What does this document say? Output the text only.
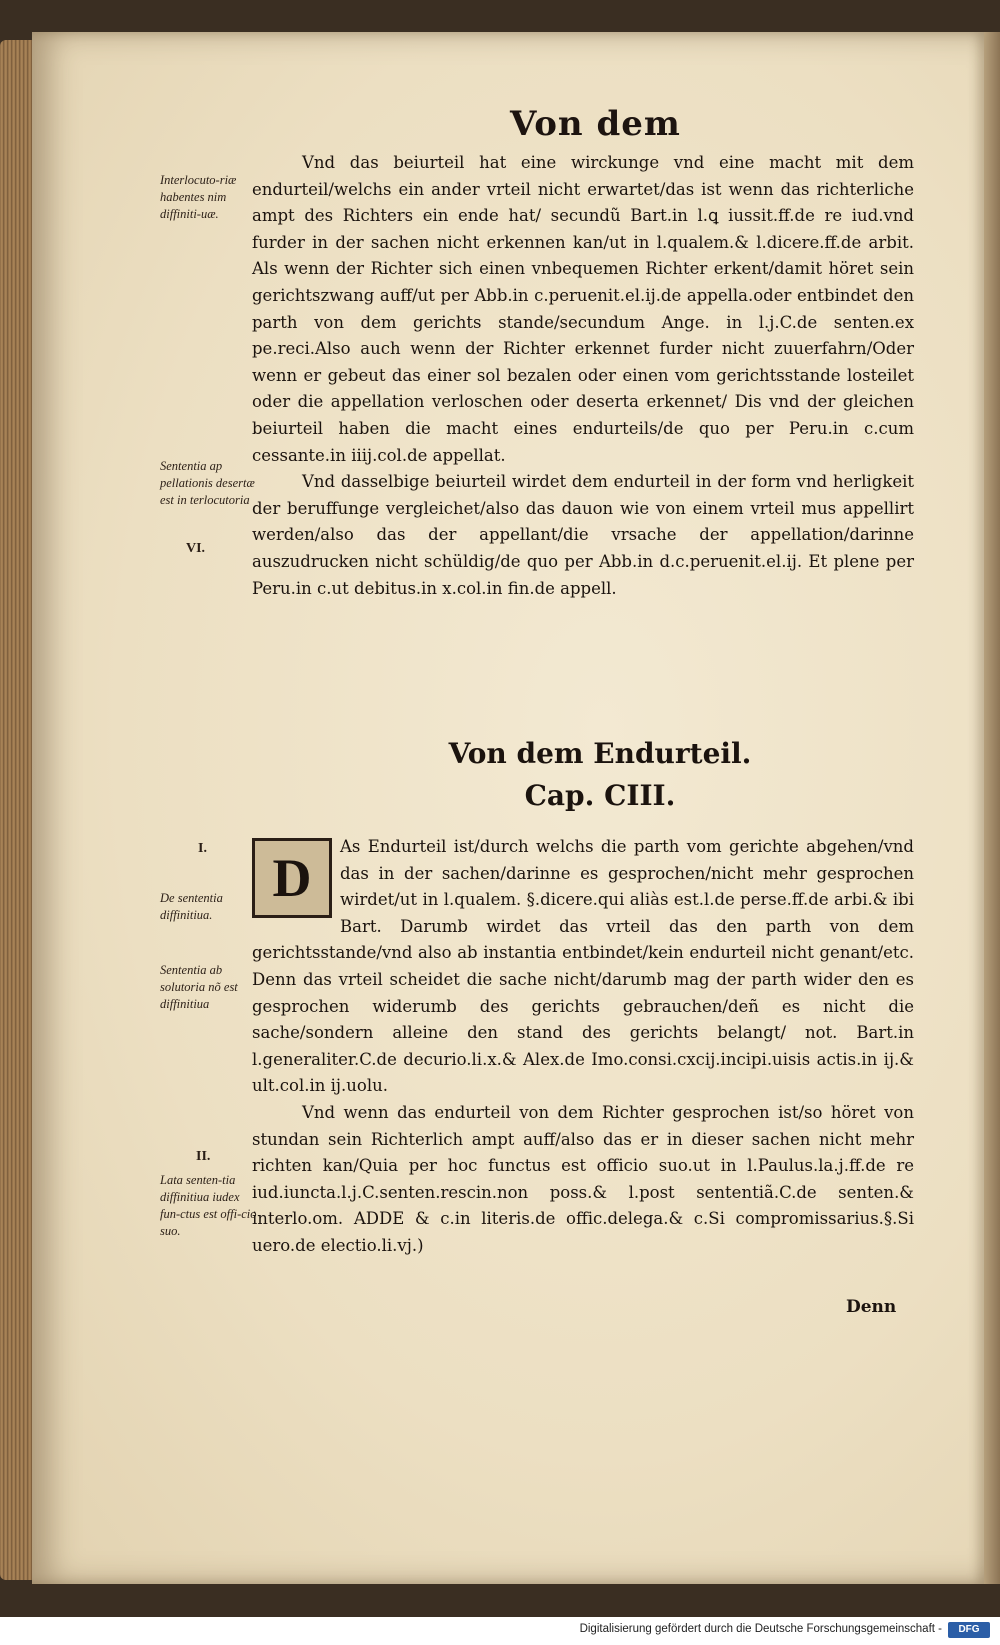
Von dem
Interlocuto-riæ habentes nim diffiniti-uæ.
Sententia ap pellationis desertæ est in terlocutoria
VI.
I.
De sententia diffinitiua.
Sententia ab solutoria nõ est diffinitiua
II.
Lata senten-tia diffinitiua iudex fun-ctus est offi-cio suo.
Vnd das beiurteil hat eine wirckunge vnd eine macht mit dem endurteil/welchs ein ander vrteil nicht erwartet/das ist wenn das richterliche ampt des Richters ein ende hat/ secundũ Bart.in l.ꝗ iussit.ff.de re iud.vnd furder in der sachen nicht erkennen kan/ut in l.qualem.& l.dicere.ff.de arbit. Als wenn der Richter sich einen vnbequemen Richter erkent/damit höret sein gerichtszwang auff/ut per Abb.in c.peruenit.el.ij.de appella.oder entbindet den parth von dem gerichts stande/secundum Ange. in l.j.C.de senten.ex pe.reci.Also auch wenn der Richter erkennet furder nicht zuuerfahrn/Oder wenn er gebeut das einer sol bezalen oder einen vom gerichtsstande losteilet oder die appellation verloschen oder deserta erkennet/ Dis vnd der gleichen beiurteil haben die macht eines endurteils/de quo per Peru.in c.cum cessante.in iiij.col.de appellat.
Vnd dasselbige beiurteil wirdet dem endurteil in der form vnd herligkeit der beruffunge vergleichet/also das dauon wie von einem vrteil mus appellirt werden/also das der appellant/die vrsache der appellation/darinne auszudrucken nicht schüldig/de quo per Abb.in d.c.peruenit.el.ij. Et plene per Peru.in c.ut debitus.in x.col.in fin.de appell.
Von dem Endurteil.
Cap. CIII.
D
As Endurteil ist/durch welchs die parth vom gerichte abgehen/vnd das in der sachen/darinne es gesprochen/nicht mehr gesprochen wirdet/ut in l.qualem. §.dicere.qui aliàs est.l.de perse.ff.de arbi.& ibi Bart. Darumb wirdet das vrteil das den parth von dem gerichtsstande/vnd also ab instantia entbindet/kein endurteil nicht genant/etc. Denn das vrteil scheidet die sache nicht/darumb mag der parth wider den es gesprochen widerumb des gerichts gebrauchen/deñ es nicht die sache/sondern alleine den stand des gerichts belangt/ not. Bart.in l.generaliter.C.de decurio.li.x.& Alex.de Imo.consi.cxcij.incipi.uisis actis.in ij.& ult.col.in ij.uolu.
Vnd wenn das endurteil von dem Richter gesprochen ist/so höret von stundan sein Richterlich ampt auff/also das er in dieser sachen nicht mehr richten kan/Quia per hoc functus est officio suo.ut in l.Paulus.la.j.ff.de re iud.iuncta.l.j.C.senten.rescin.non poss.& l.post sententiã.C.de senten.& interlo.om. ADDE & c.in literis.de offic.delega.& c.Si compromissarius.§.Si uero.de electio.li.vj.)
Denn
Digitalisierung gefördert durch die Deutsche Forschungsgemeinschaft -	DFG
